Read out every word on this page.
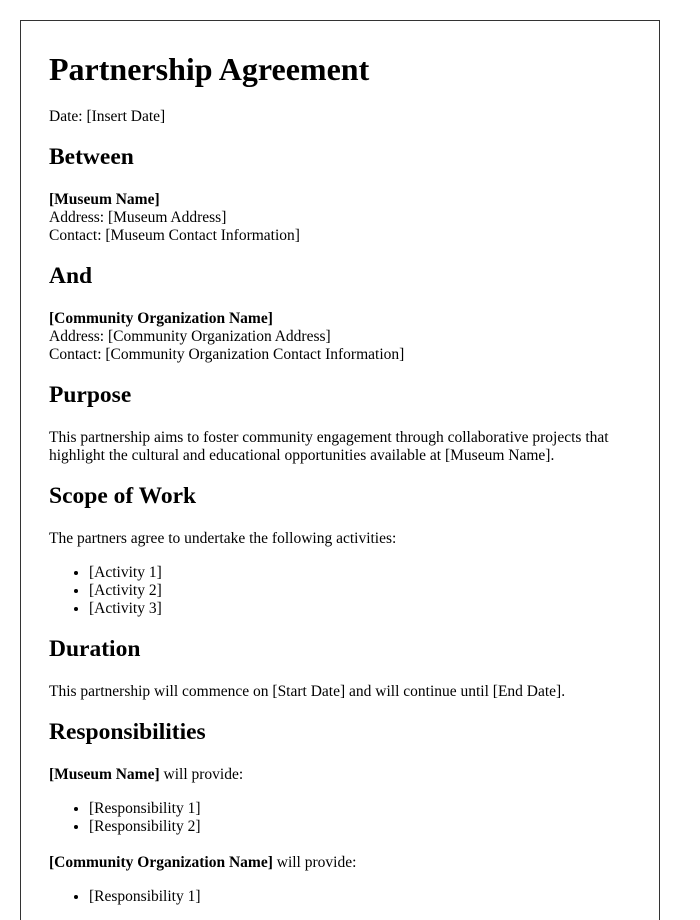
Partnership Agreement

Date: [Insert Date]

Between
[Museum Name]
Address: [Museum Address]
Contact: [Museum Contact Information]
And
[Community Organization Name]
Address: [Community Organization Address]
Contact: [Community Organization Contact Information]
Purpose

This partnership aims to foster community engagement through collaborative projects that highlight the cultural and educational opportunities available at [Museum Name].

Scope of Work

The partners agree to undertake the following activities:

• [Activity 1]
• [Activity 2]
• [Activity 3]
Duration

This partnership will commence on [Start Date] and will continue until [End Date].

Responsibilities

[Museum Name] will provide:

• [Responsibility 1]
• [Responsibility 2]

[Community Organization Name] will provide:

• [Responsibility 1]
